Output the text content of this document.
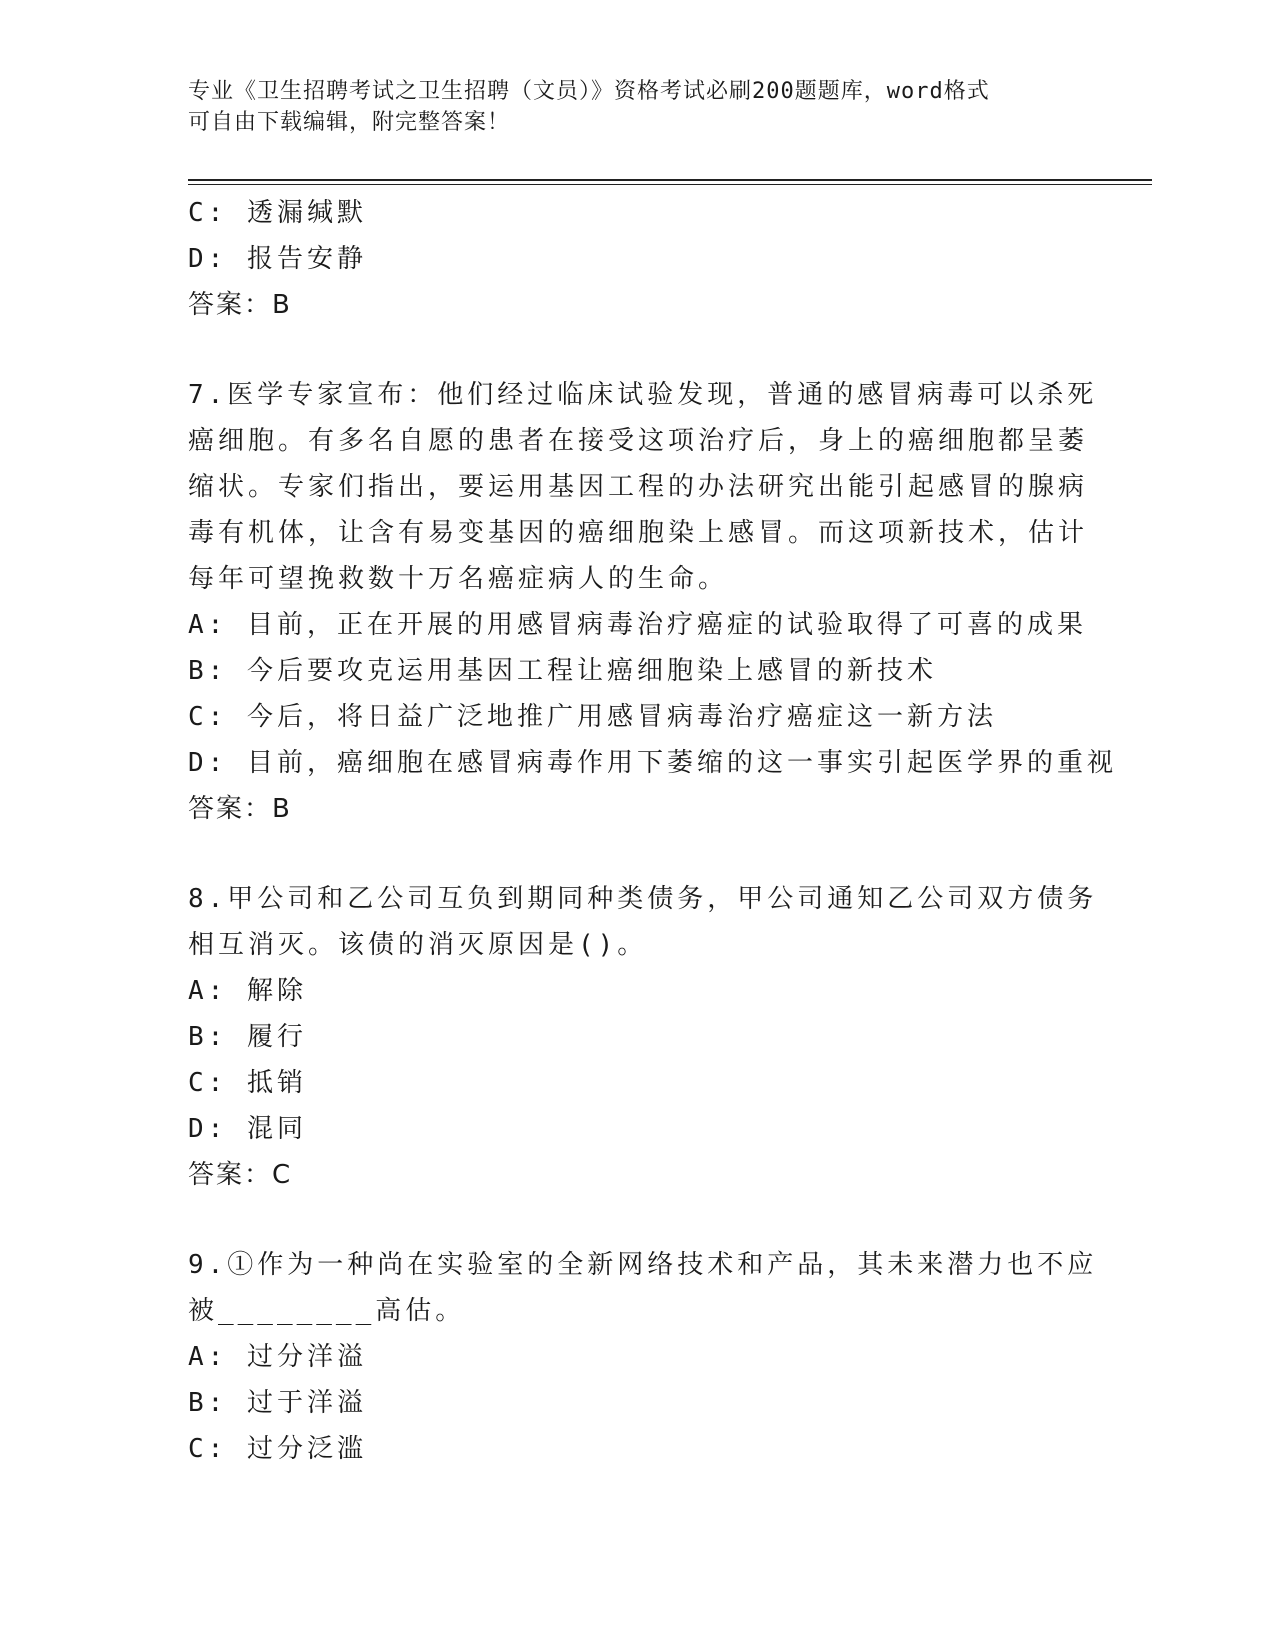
专业《卫生招聘考试之卫生招聘（文员）》资格考试必刷200题题库，word格式
可自由下载编辑，附完整答案！
C: 透漏缄默
D: 报告安静
答案：B
7.医学专家宣布：他们经过临床试验发现，普通的感冒病毒可以杀死
癌细胞。有多名自愿的患者在接受这项治疗后，身上的癌细胞都呈萎
缩状。专家们指出，要运用基因工程的办法研究出能引起感冒的腺病
毒有机体，让含有易变基因的癌细胞染上感冒。而这项新技术，估计
每年可望挽救数十万名癌症病人的生命。
A: 目前，正在开展的用感冒病毒治疗癌症的试验取得了可喜的成果
B: 今后要攻克运用基因工程让癌细胞染上感冒的新技术
C: 今后，将日益广泛地推广用感冒病毒治疗癌症这一新方法
D: 目前，癌细胞在感冒病毒作用下萎缩的这一事实引起医学界的重视
答案：B
8.甲公司和乙公司互负到期同种类债务，甲公司通知乙公司双方债务
相互消灭。该债的消灭原因是()。
A: 解除
B: 履行
C: 抵销
D: 混同
答案：C
9.①作为一种尚在实验室的全新网络技术和产品，其未来潜力也不应
被________高估。
A: 过分洋溢
B: 过于洋溢
C: 过分泛滥
